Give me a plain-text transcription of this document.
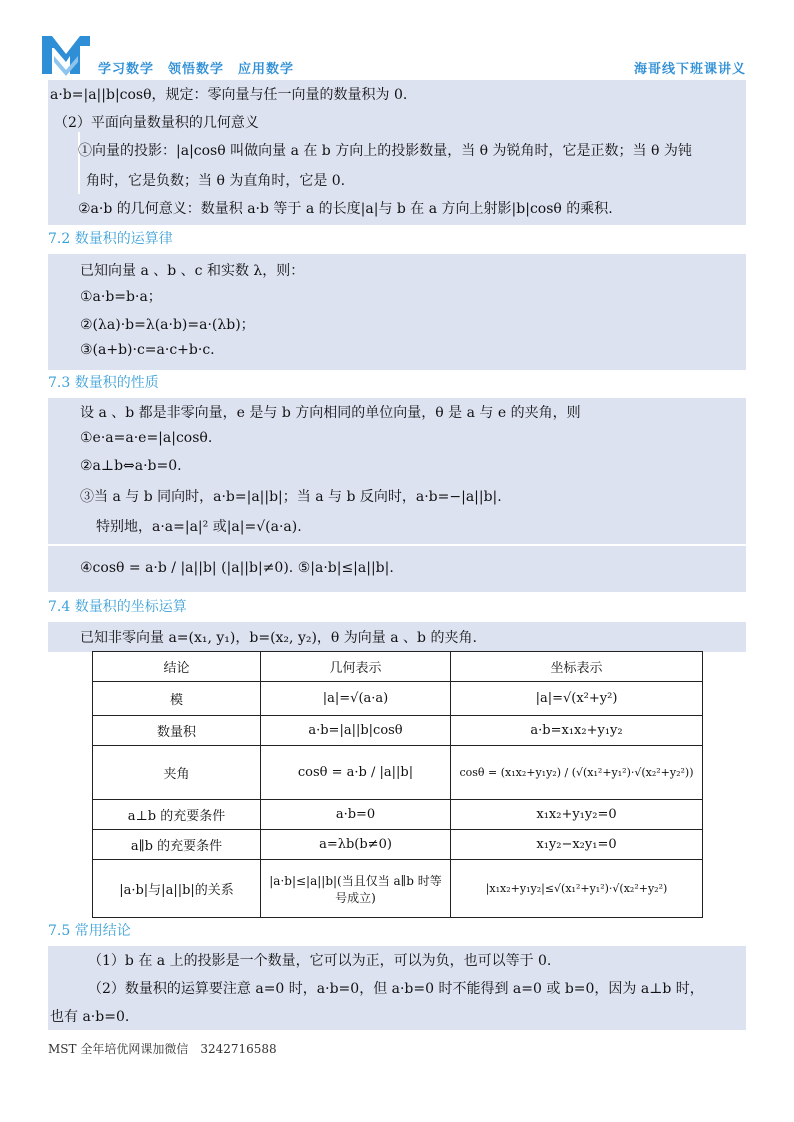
学习数学　领悟数学　应用数学	海哥线下班课讲义
a·b=|a||b|cosθ，规定：零向量与任一向量的数量积为 0.
（2）平面向量数量积的几何意义
①向量的投影：|a|cosθ 叫做向量 a 在 b 方向上的投影数量，当 θ 为锐角时，它是正数；当 θ 为钝
角时，它是负数；当 θ 为直角时，它是 0.
②a·b 的几何意义：数量积 a·b 等于 a 的长度|a|与 b 在 a 方向上射影|b|cosθ 的乘积.
7.2 数量积的运算律
已知向量 a 、b 、c 和实数 λ，则：
①a·b=b·a；
②(λa)·b=λ(a·b)=a·(λb)；
③(a+b)·c=a·c+b·c.
7.3 数量积的性质
设 a 、b 都是非零向量，e 是与 b 方向相同的单位向量，θ 是 a 与 e 的夹角，则
①e·a=a·e=|a|cosθ.
②a⊥b⇔a·b=0.
③当 a 与 b 同向时，a·b=|a||b|；当 a 与 b 反向时，a·b=−|a||b|.
特别地，a·a=|a|² 或|a|=√(a·a).
④cosθ = a·b / |a||b| (|a||b|≠0). ⑤|a·b|≤|a||b|.
7.4 数量积的坐标运算
已知非零向量 a=(x₁, y₁)，b=(x₂, y₂)，θ 为向量 a 、b 的夹角.
结论	几何表示	坐标表示
模	|a|=√(a·a)	|a|=√(x²+y²)
数量积	a·b=|a||b|cosθ	a·b=x₁x₂+y₁y₂
夹角	cosθ = a·b / |a||b|	cosθ = (x₁x₂+y₁y₂) / (√(x₁²+y₁²)·√(x₂²+y₂²))
a⊥b 的充要条件	a·b=0	x₁x₂+y₁y₂=0
a∥b 的充要条件	a=λb(b≠0)	x₁y₂−x₂y₁=0
|a·b|与|a||b|的关系	|a·b|≤|a||b|(当且仅当 a∥b 时等号成立)	|x₁x₂+y₁y₂|≤√(x₁²+y₁²)·√(x₂²+y₂²)
7.5 常用结论
（1）b 在 a 上的投影是一个数量，它可以为正，可以为负，也可以等于 0.
（2）数量积的运算要注意 a=0 时，a·b=0，但 a·b=0 时不能得到 a=0 或 b=0，因为 a⊥b 时，
也有 a·b=0.
MST 全年培优网课加微信　3242716588
